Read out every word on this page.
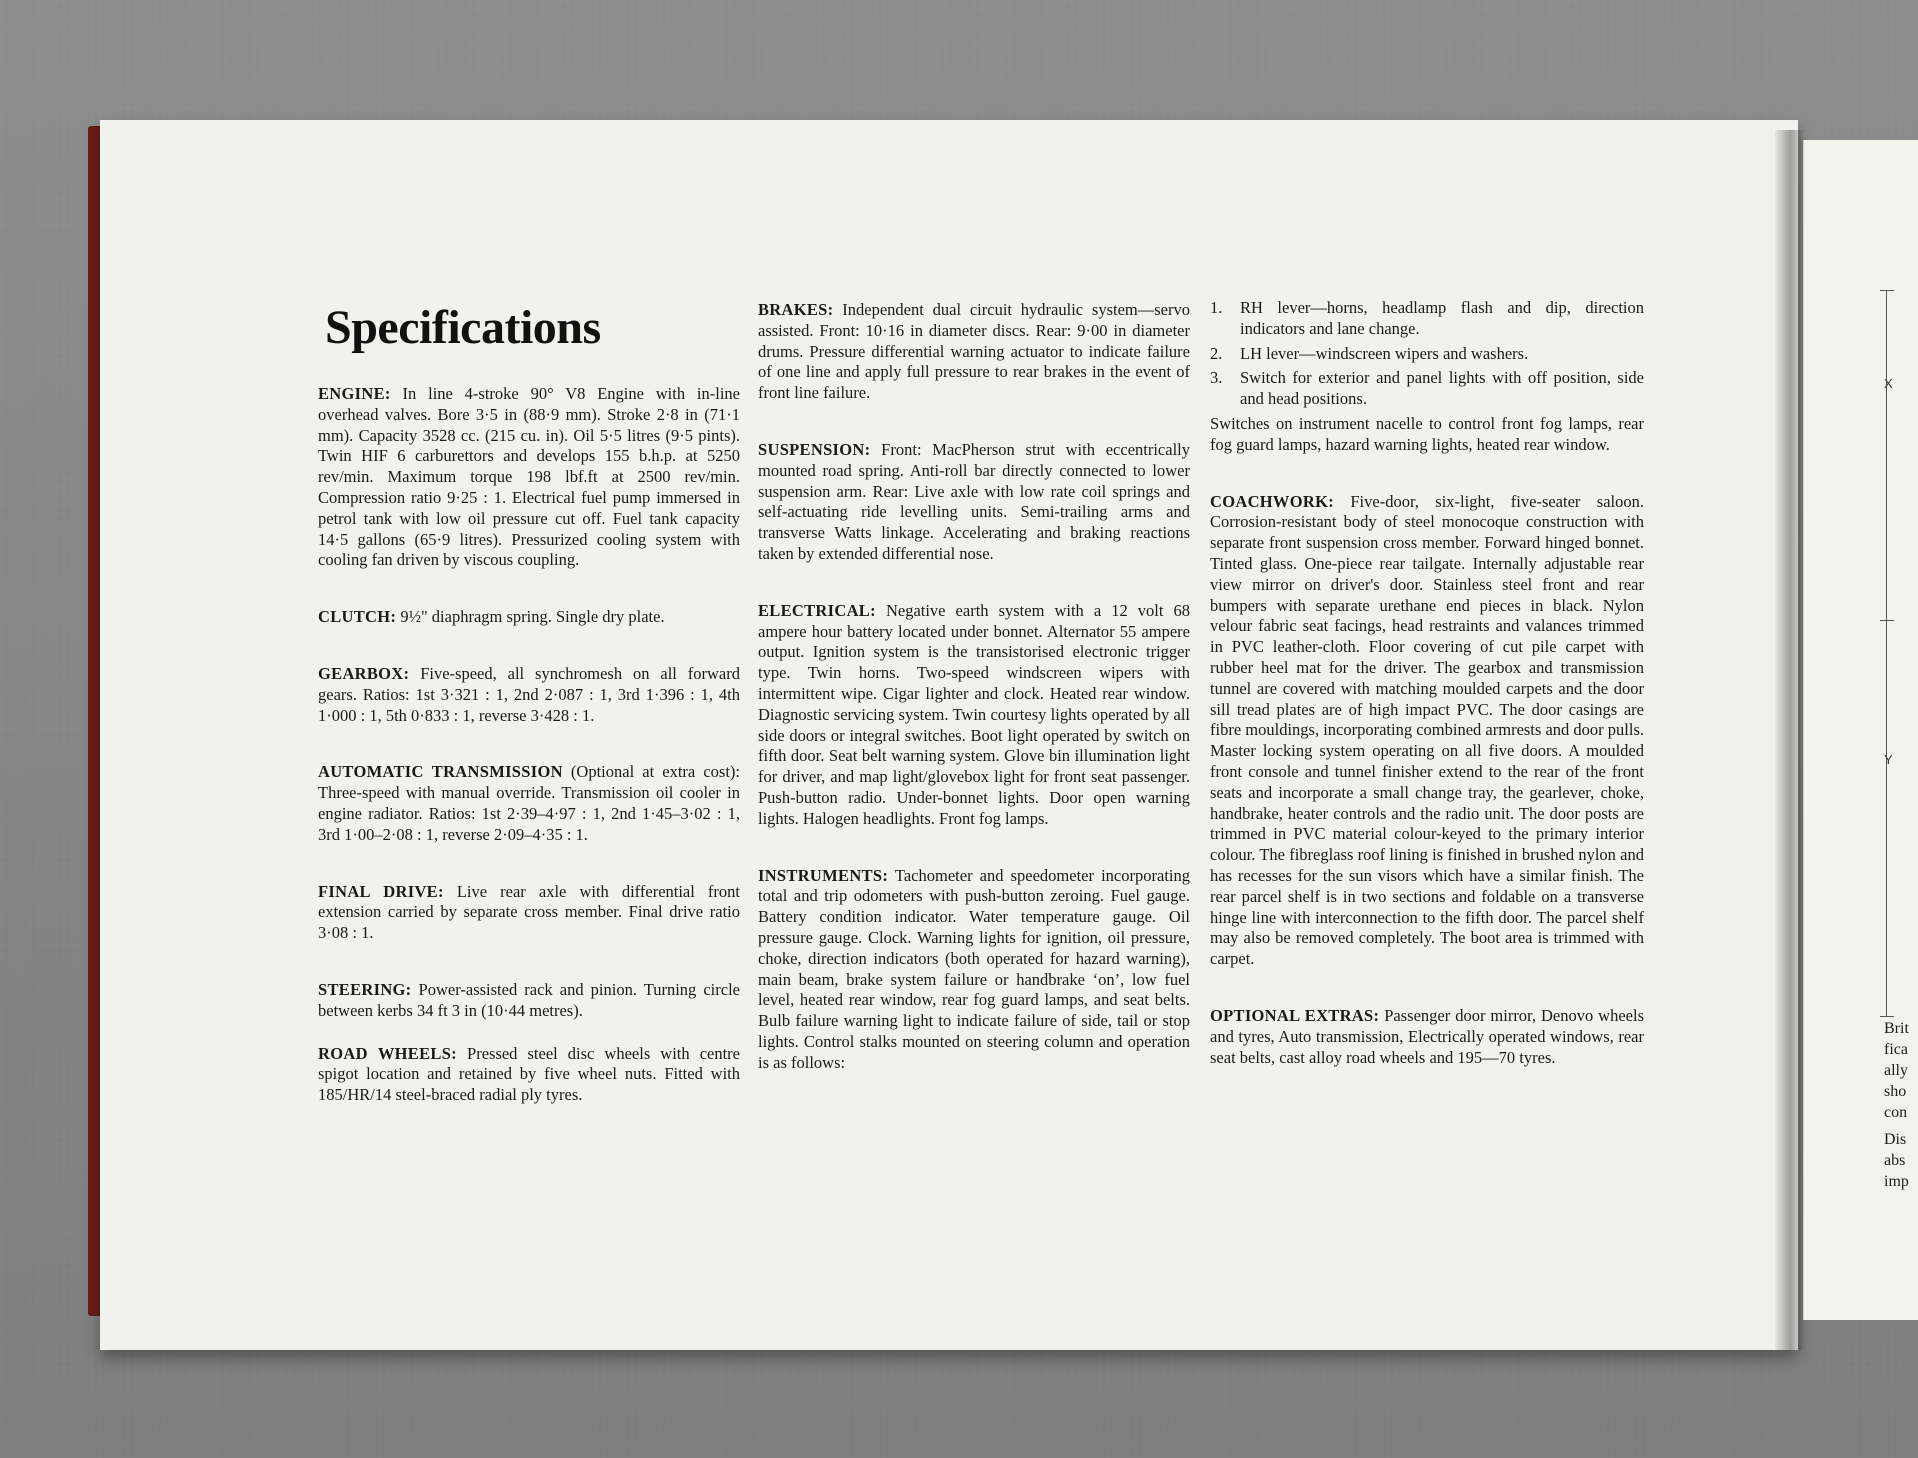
X
Y
Brit
fica
ally
sho
con
Dis
abs
imp
Specifications

ENGINE: In line 4-stroke 90° V8 Engine with in-line overhead valves. Bore 3·5 in (88·9 mm). Stroke 2·8 in (71·1 mm). Capacity 3528 cc. (215 cu. in). Oil 5·5 litres (9·5 pints). Twin HIF 6 carburettors and develops 155 b.h.p. at 5250 rev/min. Maximum torque 198 lbf.ft at 2500 rev/min. Compression ratio 9·25 : 1. Electrical fuel pump immersed in petrol tank with low oil pressure cut off. Fuel tank capacity 14·5 gallons (65·9 litres). Pressurized cooling system with cooling fan driven by viscous coupling.

CLUTCH: 9½" diaphragm spring. Single dry plate.

GEARBOX: Five-speed, all synchromesh on all forward gears. Ratios: 1st 3·321 : 1, 2nd 2·087 : 1, 3rd 1·396 : 1, 4th 1·000 : 1, 5th 0·833 : 1, reverse 3·428 : 1.

AUTOMATIC TRANSMISSION (Optional at extra cost): Three-speed with manual override. Transmission oil cooler in engine radiator. Ratios: 1st 2·39–4·97 : 1, 2nd 1·45–3·02 : 1, 3rd 1·00–2·08 : 1, reverse 2·09–4·35 : 1.

FINAL DRIVE: Live rear axle with differential front extension carried by separate cross member. Final drive ratio 3·08 : 1.

STEERING: Power-assisted rack and pinion. Turning circle between kerbs 34 ft 3 in (10·44 metres).

ROAD WHEELS: Pressed steel disc wheels with centre spigot location and retained by five wheel nuts. Fitted with 185/HR/14 steel-braced radial ply tyres.

BRAKES: Independent dual circuit hydraulic system—servo assisted. Front: 10·16 in diameter discs. Rear: 9·00 in diameter drums. Pressure differential warning actuator to indicate failure of one line and apply full pressure to rear brakes in the event of front line failure.

SUSPENSION: Front: MacPherson strut with eccentrically mounted road spring. Anti-roll bar directly connected to lower suspension arm. Rear: Live axle with low rate coil springs and self-actuating ride levelling units. Semi-trailing arms and transverse Watts linkage. Accelerating and braking reactions taken by extended differential nose.

ELECTRICAL: Negative earth system with a 12 volt 68 ampere hour battery located under bonnet. Alternator 55 ampere output. Ignition system is the transistorised electronic trigger type. Twin horns. Two-speed windscreen wipers with intermittent wipe. Cigar lighter and clock. Heated rear window. Diagnostic servicing system. Twin courtesy lights operated by all side doors or integral switches. Boot light operated by switch on fifth door. Seat belt warning system. Glove bin illumination light for driver, and map light/glovebox light for front seat passenger. Push-button radio. Under-bonnet lights. Door open warning lights. Halogen headlights. Front fog lamps.

INSTRUMENTS: Tachometer and speedometer incorporating total and trip odometers with push-button zeroing. Fuel gauge. Battery condition indicator. Water temperature gauge. Oil pressure gauge. Clock. Warning lights for ignition, oil pressure, choke, direction indicators (both operated for hazard warning), main beam, brake system failure or handbrake ‘on’, low fuel level, heated rear window, rear fog guard lamps, and seat belts. Bulb failure warning light to indicate failure of side, tail or stop lights. Control stalks mounted on steering column and operation is as follows:

1.	RH lever—horns, headlamp flash and dip, direction indicators and lane change.
2.	LH lever—windscreen wipers and washers.
3.	Switch for exterior and panel lights with off position, side and head positions.

Switches on instrument nacelle to control front fog lamps, rear fog guard lamps, hazard warning lights, heated rear window.

COACHWORK: Five-door, six-light, five-seater saloon. Corrosion-resistant body of steel monocoque construction with separate front suspension cross member. Forward hinged bonnet. Tinted glass. One-piece rear tailgate. Internally adjustable rear view mirror on driver's door. Stainless steel front and rear bumpers with separate urethane end pieces in black. Nylon velour fabric seat facings, head restraints and valances trimmed in PVC leather-cloth. Floor covering of cut pile carpet with rubber heel mat for the driver. The gearbox and transmission tunnel are covered with matching moulded carpets and the door sill tread plates are of high impact PVC. The door casings are fibre mouldings, incorporating combined armrests and door pulls. Master locking system operating on all five doors. A moulded front console and tunnel finisher extend to the rear of the front seats and incorporate a small change tray, the gearlever, choke, handbrake, heater controls and the radio unit. The door posts are trimmed in PVC material colour-keyed to the primary interior colour. The fibreglass roof lining is finished in brushed nylon and has recesses for the sun visors which have a similar finish. The rear parcel shelf is in two sections and foldable on a transverse hinge line with interconnection to the fifth door. The parcel shelf may also be removed completely. The boot area is trimmed with carpet.

OPTIONAL EXTRAS: Passenger door mirror, Denovo wheels and tyres, Auto transmission, Electrically operated windows, rear seat belts, cast alloy road wheels and 195—70 tyres.
